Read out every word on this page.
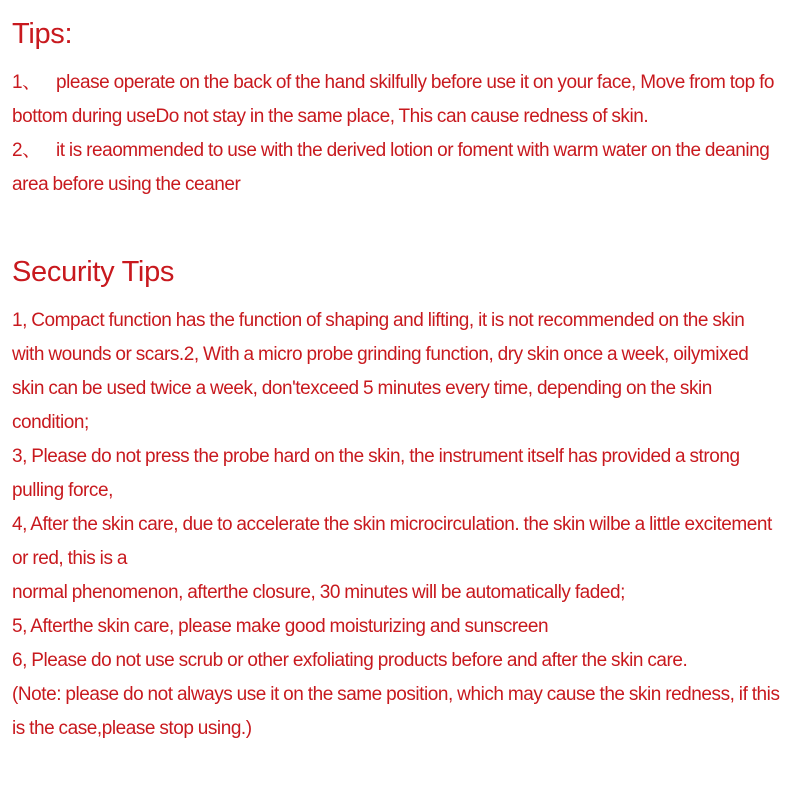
Tips:

1、 please operate on the back of the hand skilfully before use it on your face, Move from top fo bottom during useDo not stay in the same place, This can cause redness of skin.

2、 it is reaommended to use with the derived lotion or foment with warm water on the deaning area before using the ceaner

Security Tips

1, Compact function has the function of shaping and lifting, it is not recommended on the skin with wounds or scars.2, With a micro probe grinding function, dry skin once a week, oilymixed skin can be used twice a week, don'texceed 5 minutes every time, depending on the skin condition;

3, Please do not press the probe hard on the skin, the instrument itself has provided a strong pulling force,

4, After the skin care, due to accelerate the skin microcirculation. the skin wilbe a little excitement or red, this is a

normal phenomenon, afterthe closure, 30 minutes will be automatically faded;

5, Afterthe skin care, please make good moisturizing and sunscreen

6, Please do not use scrub or other exfoliating products before and after the skin care.

(Note: please do not always use it on the same position, which may cause the skin redness, if this is the case,please stop using.)
